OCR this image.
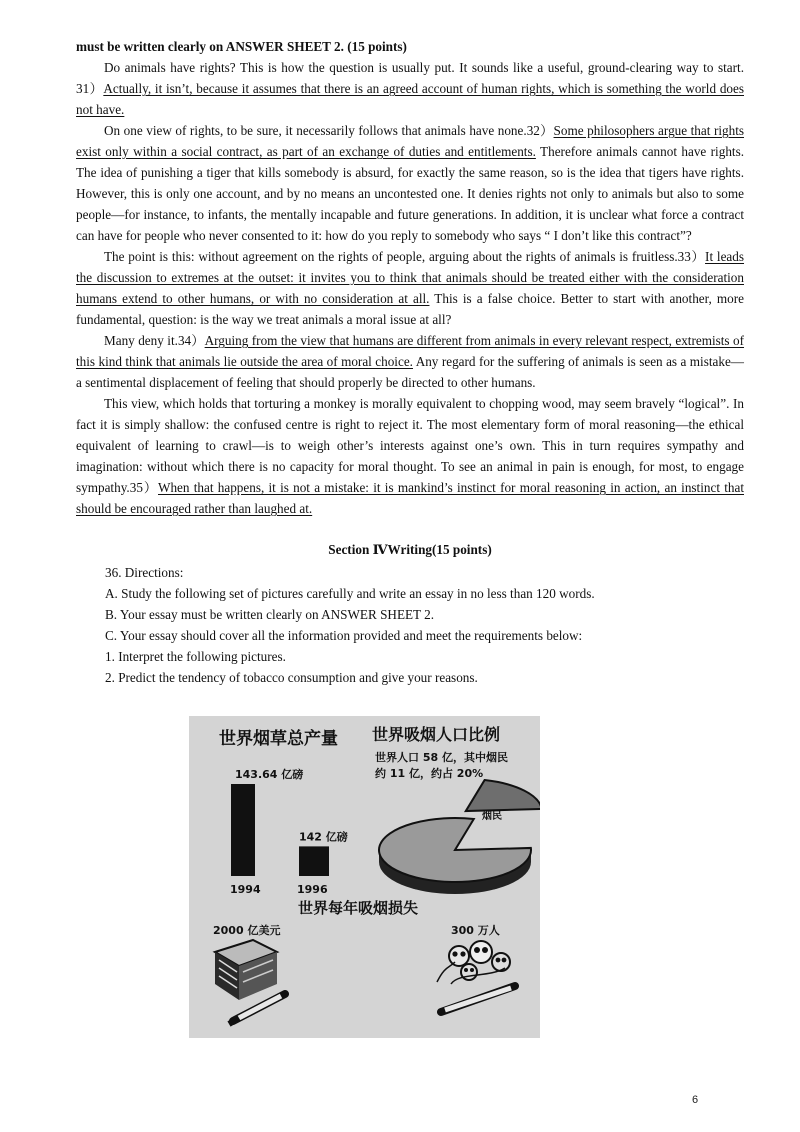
must be written clearly on ANSWER SHEET 2. (15 points)

Do animals have rights? This is how the question is usually put. It sounds like a useful, ground-clearing way to start. 31）Actually, it isn’t, because it assumes that there is an agreed account of human rights, which is something the world does not have.

On one view of rights, to be sure, it necessarily follows that animals have none.32）Some philosophers argue that rights exist only within a social contract, as part of an exchange of duties and entitlements. Therefore animals cannot have rights. The idea of punishing a tiger that kills somebody is absurd, for exactly the same reason, so is the idea that tigers have rights. However, this is only one account, and by no means an uncontested one. It denies rights not only to animals but also to some people—for instance, to infants, the mentally incapable and future generations. In addition, it is unclear what force a contract can have for people who never consented to it: how do you reply to somebody who says “ I don’t like this contract”?

The point is this: without agreement on the rights of people, arguing about the rights of animals is fruitless.33）It leads the discussion to extremes at the outset: it invites you to think that animals should be treated either with the consideration humans extend to other humans, or with no consideration at all. This is a false choice. Better to start with another, more fundamental, question: is the way we treat animals a moral issue at all?

Many deny it.34）Arguing from the view that humans are different from animals in every relevant respect, extremists of this kind think that animals lie outside the area of moral choice. Any regard for the suffering of animals is seen as a mistake—a sentimental displacement of feeling that should properly be directed to other humans.

This view, which holds that torturing a monkey is morally equivalent to chopping wood, may seem bravely “logical”. In fact it is simply shallow: the confused centre is right to reject it. The most elementary form of moral reasoning—the ethical equivalent of learning to crawl—is to weigh other’s interests against one’s own. This in turn requires sympathy and imagination: without which there is no capacity for moral thought. To see an animal in pain is enough, for most, to engage sympathy.35）When that happens, it is not a mistake: it is mankind’s instinct for moral reasoning in action, an instinct that should be encouraged rather than laughed at.

Section ⅣWriting(15 points)
36. Directions:
A. Study the following set of pictures carefully and write an essay in no less than 120 words.
B. Your essay must be written clearly on ANSWER SHEET 2.
C. Your essay should cover all the information provided and meet the requirements below:
1. Interpret the following pictures.
2. Predict the tendency of tobacco consumption and give your reasons.
世界烟草总产量 世界吸烟人口比例
世界人口 58 亿，其中烟民
约 11 亿，约占 20%
143.64 亿磅
142 亿磅
1994	1996
烟民
世界每年吸烟损失
2000 亿美元	300 万人
6
